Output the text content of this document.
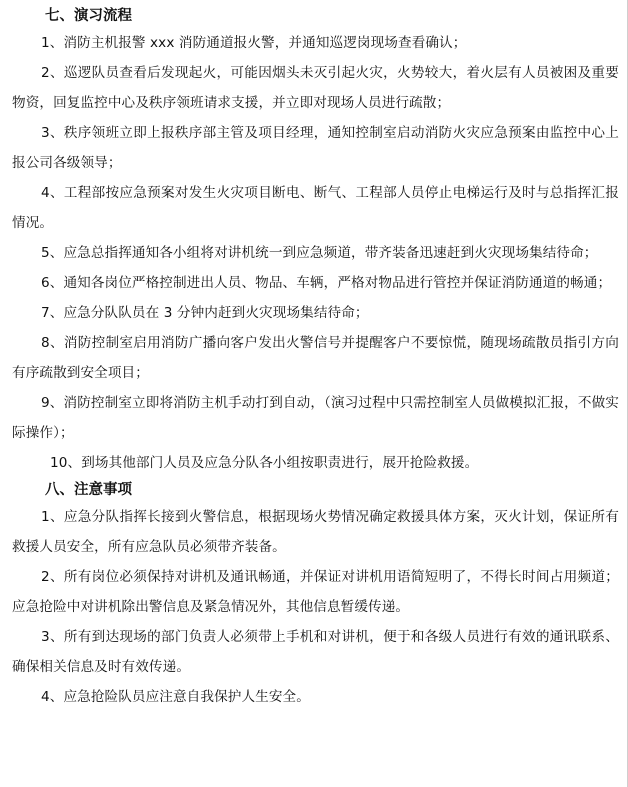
七、演习流程

1、消防主机报警 xxx 消防通道报火警，并通知巡逻岗现场查看确认；

2、巡逻队员查看后发现起火，可能因烟头未灭引起火灾，火势较大，着火层有人员被困及重要物资，回复监控中心及秩序领班请求支援，并立即对现场人员进行疏散；

3、秩序领班立即上报秩序部主管及项目经理，通知控制室启动消防火灾应急预案由监控中心上报公司各级领导；

4、工程部按应急预案对发生火灾项目断电、断气、工程部人员停止电梯运行及时与总指挥汇报情况。

5、应急总指挥通知各小组将对讲机统一到应急频道，带齐装备迅速赶到火灾现场集结待命；

6、通知各岗位严格控制进出人员、物品、车辆，严格对物品进行管控并保证消防通道的畅通；

7、应急分队队员在 3 分钟内赶到火灾现场集结待命；

8、消防控制室启用消防广播向客户发出火警信号并提醒客户不要惊慌，随现场疏散员指引方向有序疏散到安全项目；

9、消防控制室立即将消防主机手动打到自动，（演习过程中只需控制室人员做模拟汇报，不做实际操作）；

10、到场其他部门人员及应急分队各小组按职责进行，展开抢险救援。

八、注意事项

1、应急分队指挥长接到火警信息，根据现场火势情况确定救援具体方案，灭火计划，保证所有救援人员安全，所有应急队员必须带齐装备。

2、所有岗位必须保持对讲机及通讯畅通，并保证对讲机用语简短明了，不得长时间占用频道；应急抢险中对讲机除出警信息及紧急情况外，其他信息暂缓传递。

3、所有到达现场的部门负责人必须带上手机和对讲机，便于和各级人员进行有效的通讯联系、确保相关信息及时有效传递。

4、应急抢险队员应注意自我保护人生安全。
